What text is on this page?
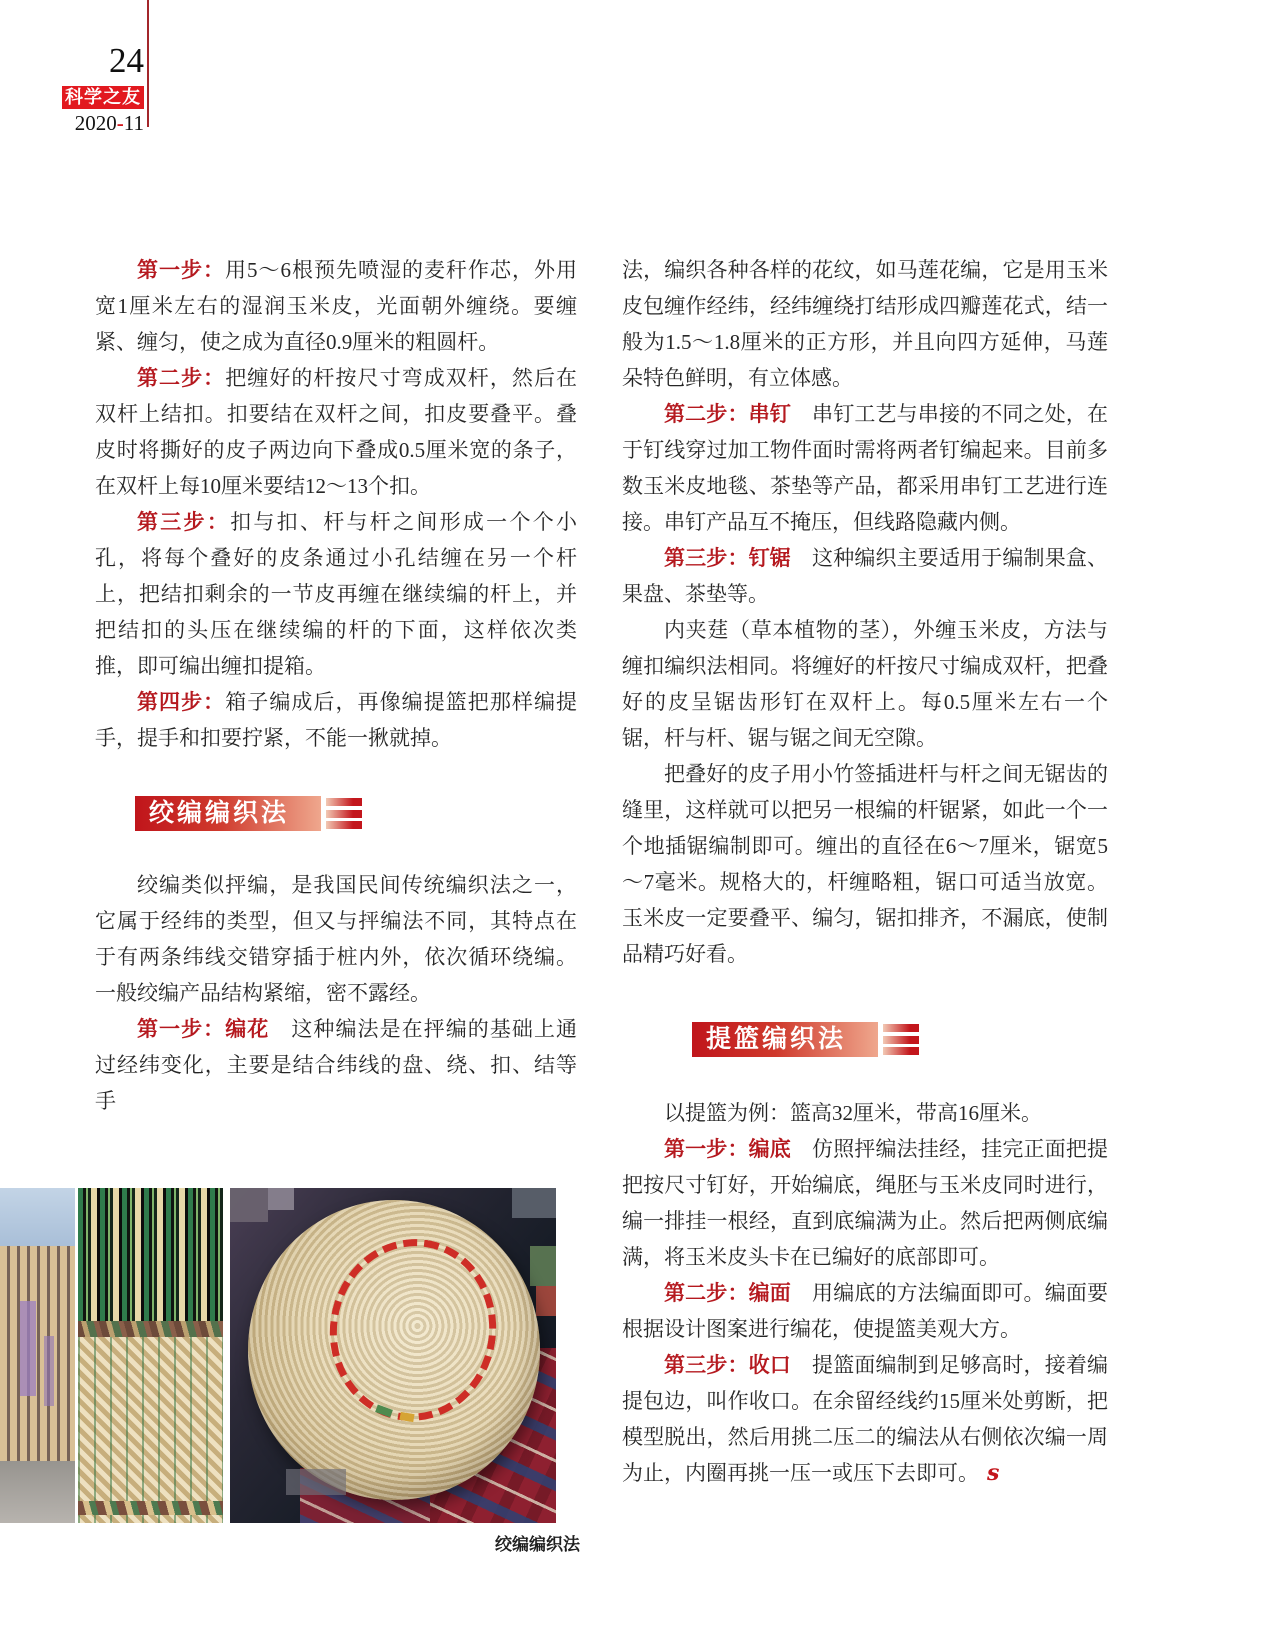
24
科学之友
2020-11

第一步：用5～6根预先喷湿的麦秆作芯，外用宽1厘米左右的湿润玉米皮，光面朝外缠绕。要缠紧、缠匀，使之成为直径0.9厘米的粗圆杆。

第二步：把缠好的杆按尺寸弯成双杆，然后在双杆上结扣。扣要结在双杆之间，扣皮要叠平。叠皮时将撕好的皮子两边向下叠成0.5厘米宽的条子，在双杆上每10厘米要结12～13个扣。

第三步：扣与扣、杆与杆之间形成一个个小孔，将每个叠好的皮条通过小孔结缠在另一个杆上，把结扣剩余的一节皮再缠在继续编的杆上，并把结扣的头压在继续编的杆的下面，这样依次类推，即可编出缠扣提箱。

第四步：箱子编成后，再像编提篮把那样编提手，提手和扣要拧紧，不能一揪就掉。

绞编编织法

绞编类似抨编，是我国民间传统编织法之一，它属于经纬的类型，但又与抨编法不同，其特点在于有两条纬线交错穿插于桩内外，依次循环绕编。一般绞编产品结构紧缩，密不露经。

第一步：编花　这种编法是在抨编的基础上通过经纬变化，主要是结合纬线的盘、绕、扣、结等手

法，编织各种各样的花纹，如马莲花编，它是用玉米皮包缠作经纬，经纬缠绕打结形成四瓣莲花式，结一般为1.5～1.8厘米的正方形，并且向四方延伸，马莲朵特色鲜明，有立体感。

第二步：串钉　串钉工艺与串接的不同之处，在于钉线穿过加工物件面时需将两者钉编起来。目前多数玉米皮地毯、茶垫等产品，都采用串钉工艺进行连接。串钉产品互不掩压，但线路隐藏内侧。

第三步：钉锯　这种编织主要适用于编制果盒、果盘、茶垫等。

内夹莛（草本植物的茎），外缠玉米皮，方法与缠扣编织法相同。将缠好的杆按尺寸编成双杆，把叠好的皮呈锯齿形钉在双杆上。每0.5厘米左右一个锯，杆与杆、锯与锯之间无空隙。

把叠好的皮子用小竹签插进杆与杆之间无锯齿的缝里，这样就可以把另一根编的杆锯紧，如此一个一个地插锯编制即可。缠出的直径在6～7厘米，锯宽5～7毫米。规格大的，杆缠略粗，锯口可适当放宽。玉米皮一定要叠平、编匀，锯扣排齐，不漏底，使制品精巧好看。

提篮编织法

以提篮为例：篮高32厘米，带高16厘米。

第一步：编底　仿照抨编法挂经，挂完正面把提把按尺寸钉好，开始编底，绳胚与玉米皮同时进行，编一排挂一根经，直到底编满为止。然后把两侧底编满，将玉米皮头卡在已编好的底部即可。

第二步：编面　用编底的方法编面即可。编面要根据设计图案进行编花，使提篮美观大方。

第三步：收口　提篮面编制到足够高时，接着编提包边，叫作收口。在余留经线约15厘米处剪断，把模型脱出，然后用挑二压二的编法从右侧依次编一周为止，内圈再挑一压一或压下去即可。 s

绞编编织法
